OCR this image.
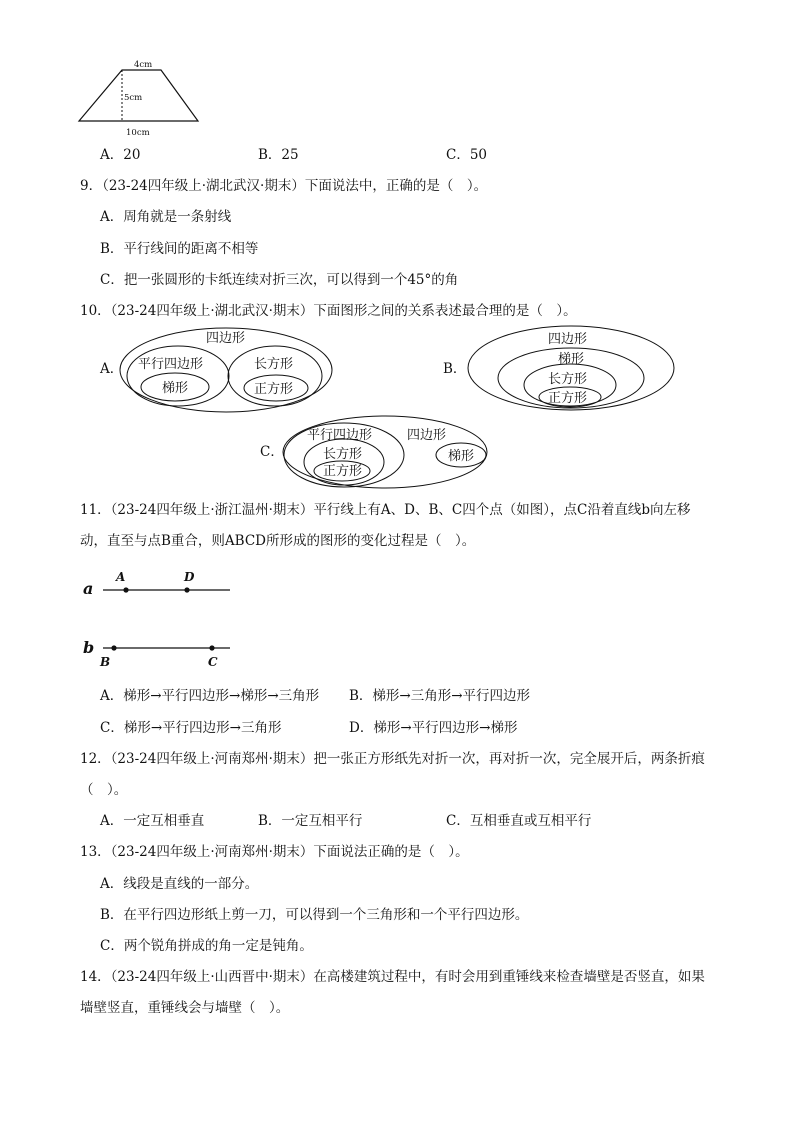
4cm
5cm
10cm
A．20	B．25	C．50
9．（23-24四年级上·湖北武汉·期末）下面说法中，正确的是（　）。
A．周角就是一条射线
B．平行线间的距离不相等
C．把一张圆形的卡纸连续对折三次，可以得到一个45°的角
10．（23-24四年级上·湖北武汉·期末）下面图形之间的关系表述最合理的是（　）。
A．
四边形
平行四边形
梯形
长方形
正方形
B．
四边形
梯形
长方形
正方形
C．
四边形
平行四边形
长方形
正方形
梯形
11．（23-24四年级上·浙江温州·期末）平行线上有A、D、B、C四个点（如图），点C沿着直线b向左移
动，直至与点B重合，则ABCD所形成的图形的变化过程是（　）。
a
b
A	D
B	C
A．梯形→平行四边形→梯形→三角形 B．梯形→三角形→平行四边形
C．梯形→平行四边形→三角形	D．梯形→平行四边形→梯形
12．（23-24四年级上·河南郑州·期末）把一张正方形纸先对折一次，再对折一次，完全展开后，两条折痕
（　）。
A．一定互相垂直	B．一定互相平行	C．互相垂直或互相平行
13．（23-24四年级上·河南郑州·期末）下面说法正确的是（　）。
A．线段是直线的一部分。
B．在平行四边形纸上剪一刀，可以得到一个三角形和一个平行四边形。
C．两个锐角拼成的角一定是钝角。
14．（23-24四年级上·山西晋中·期末）在高楼建筑过程中，有时会用到重锤线来检查墙壁是否竖直，如果
墙壁竖直，重锤线会与墙壁（　）。
